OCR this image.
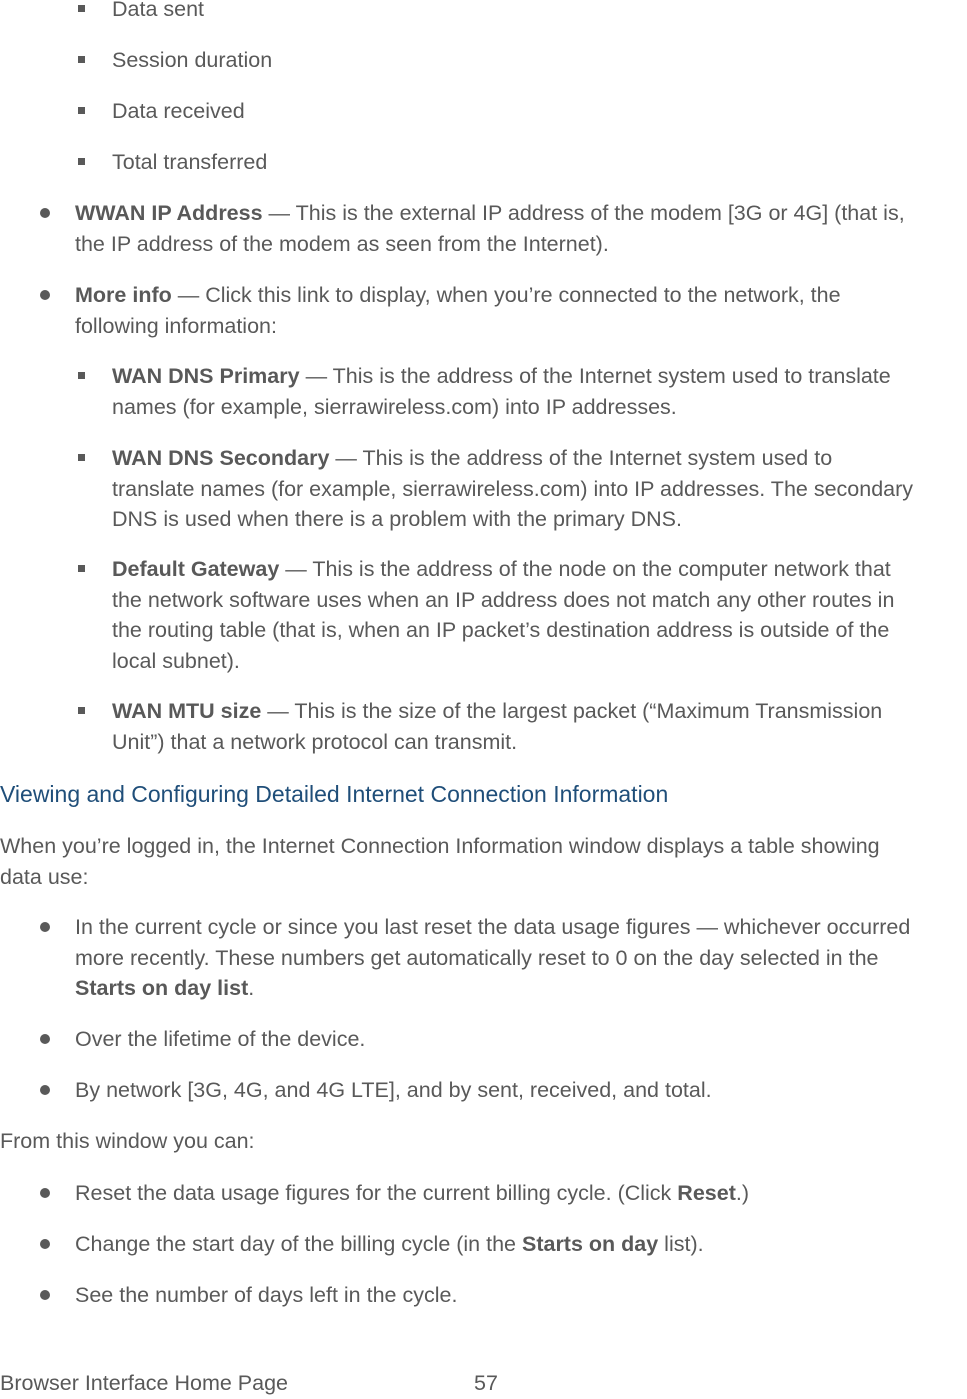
Data sent
Session duration
Data received
Total transferred
WWAN IP Address — This is the external IP address of the modem [3G or 4G] (that is,
the IP address of the modem as seen from the Internet).
More info — Click this link to display, when you’re connected to the network, the
following information:
WAN DNS Primary — This is the address of the Internet system used to translate
names (for example, sierrawireless.com) into IP addresses.
WAN DNS Secondary — This is the address of the Internet system used to
translate names (for example, sierrawireless.com) into IP addresses. The secondary
DNS is used when there is a problem with the primary DNS.
Default Gateway — This is the address of the node on the computer network that
the network software uses when an IP address does not match any other routes in
the routing table (that is, when an IP packet’s destination address is outside of the
local subnet).
WAN MTU size — This is the size of the largest packet (“Maximum Transmission
Unit”) that a network protocol can transmit.
Viewing and Configuring Detailed Internet Connection Information
When you’re logged in, the Internet Connection Information window displays a table showing
data use:
In the current cycle or since you last reset the data usage figures — whichever occurred
more recently. These numbers get automatically reset to 0 on the day selected in the
Starts on day list.
Over the lifetime of the device.
By network [3G, 4G, and 4G LTE], and by sent, received, and total.
From this window you can:
Reset the data usage figures for the current billing cycle. (Click Reset.)
Change the start day of the billing cycle (in the Starts on day list).
See the number of days left in the cycle.
Browser Interface Home Page	57
